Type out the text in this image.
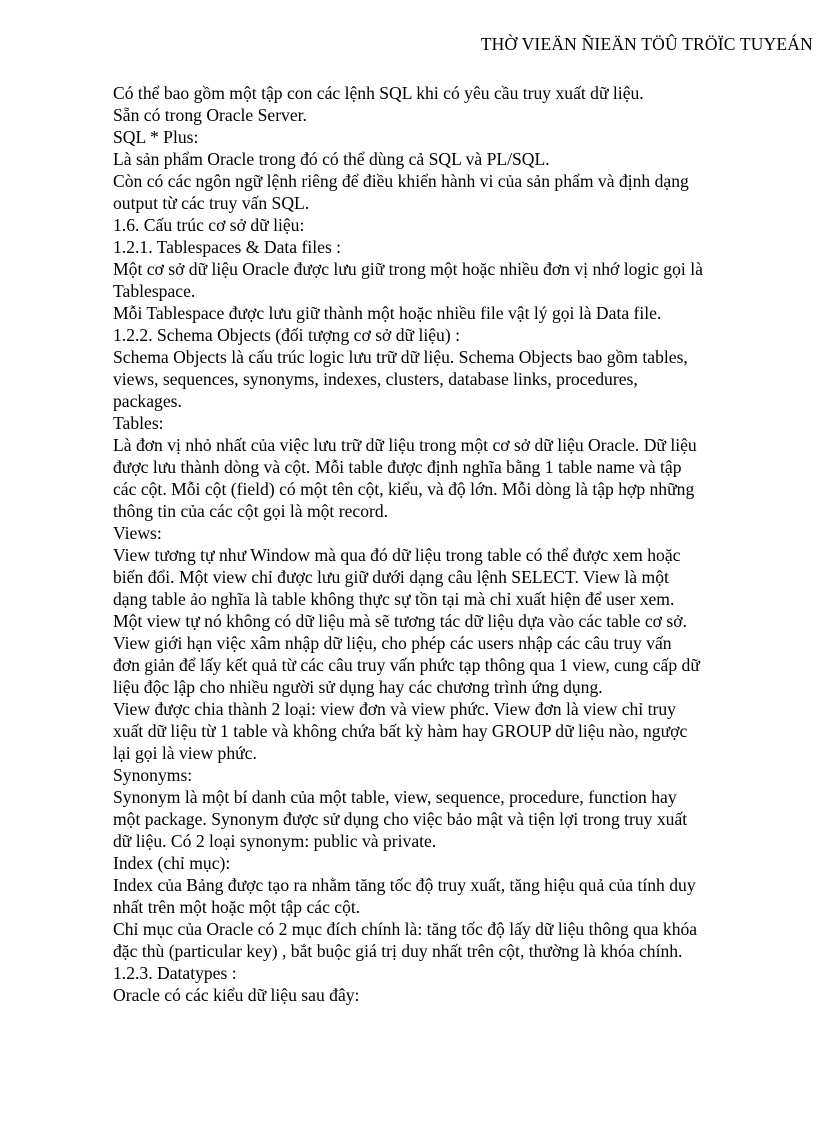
THỜ VIEÄN ÑIEÄN TÖÛ TRÖÏC TUYEÁN
Có thể bao gồm một tập con các lệnh SQL khi có yêu cầu truy xuất dữ liệu.
Sẵn có trong Oracle Server.
SQL * Plus:
Là sản phẩm Oracle trong đó có thể dùng cả SQL và PL/SQL.
Còn có các ngôn ngữ lệnh riêng để điều khiển hành vi của sản phẩm và định dạng
output từ các truy vấn SQL.
1.6. Cấu trúc cơ sở dữ liệu:
1.2.1. Tablespaces & Data files :
Một cơ sở dữ liệu Oracle được lưu giữ trong một hoặc nhiều đơn vị nhớ logic gọi là
Tablespace.
Mỗi Tablespace được lưu giữ thành một hoặc nhiều file vật lý gọi là Data file.
1.2.2. Schema Objects (đối tượng cơ sở dữ liệu) :
Schema Objects là cấu trúc logic lưu trữ dữ liệu. Schema Objects bao gồm tables,
views, sequences, synonyms, indexes, clusters, database links, procedures,
packages.
Tables:
Là đơn vị nhỏ nhất của việc lưu trữ dữ liệu trong một cơ sở dữ liệu Oracle. Dữ liệu
được lưu thành dòng và cột. Mỗi table được định nghĩa bằng 1 table name và tập
các cột. Mỗi cột (field) có một tên cột, kiểu, và độ lớn. Mỗi dòng là tập hợp những
thông tin của các cột gọi là một record.
Views:
View tương tự như Window mà qua đó dữ liệu trong table có thể được xem hoặc
biến đổi. Một view chỉ được lưu giữ dưới dạng câu lệnh SELECT. View là một
dạng table ảo nghĩa là table không thực sự tồn tại mà chỉ xuất hiện để user xem.
Một view tự nó không có dữ liệu mà sẽ tương tác dữ liệu dựa vào các table cơ sở.
View giới hạn việc xâm nhập dữ liệu, cho phép các users nhập các câu truy vấn
đơn giản để lấy kết quả từ các câu truy vấn phức tạp thông qua 1 view, cung cấp dữ
liệu độc lập cho nhiều người sử dụng hay các chương trình ứng dụng.
View được chia thành 2 loại: view đơn và view phức. View đơn là view chỉ truy
xuất dữ liệu từ 1 table và không chứa bất kỳ hàm hay GROUP dữ liệu nào, ngược
lại gọi là view phức.
Synonyms:
Synonym là một bí danh của một table, view, sequence, procedure, function hay
một package. Synonym được sử dụng cho việc bảo mật và tiện lợi trong truy xuất
dữ liệu. Có 2 loại synonym: public và private.
Index (chỉ mục):
Index của Bảng được tạo ra nhằm tăng tốc độ truy xuất, tăng hiệu quả của tính duy
nhất trên một hoặc một tập các cột.
Chỉ mục của Oracle có 2 mục đích chính là: tăng tốc độ lấy dữ liệu thông qua khóa
đặc thù (particular key) , bắt buộc giá trị duy nhất trên cột, thường là khóa chính.
1.2.3. Datatypes :
Oracle có các kiểu dữ liệu sau đây:
